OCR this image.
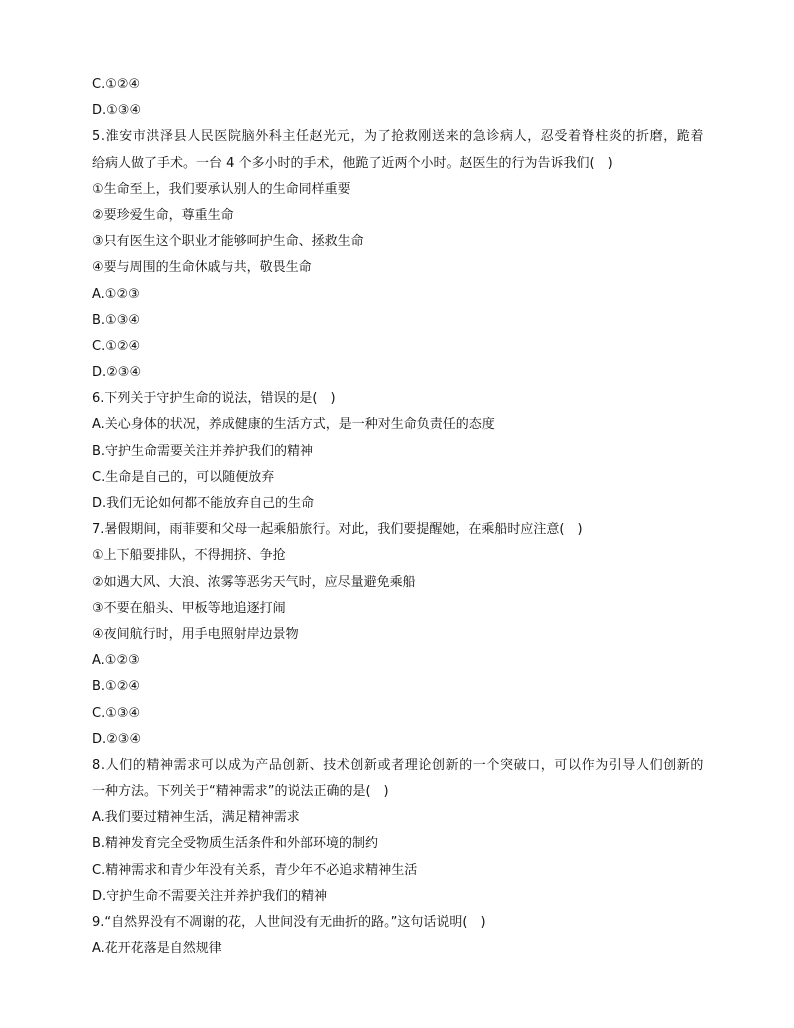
C.①②④
D.①③④
5.淮安市洪泽县人民医院脑外科主任赵光元，为了抢救刚送来的急诊病人，忍受着脊柱炎的折磨，跪着
给病人做了手术。一台 4 个多小时的手术，他跪了近两个小时。赵医生的行为告诉我们(　)
①生命至上，我们要承认别人的生命同样重要
②要珍爱生命，尊重生命
③只有医生这个职业才能够呵护生命、拯救生命
④要与周围的生命休戚与共，敬畏生命
A.①②③
B.①③④
C.①②④
D.②③④
6.下列关于守护生命的说法，错误的是(　)
A.关心身体的状况，养成健康的生活方式，是一种对生命负责任的态度
B.守护生命需要关注并养护我们的精神
C.生命是自己的，可以随便放弃
D.我们无论如何都不能放弃自己的生命
7.暑假期间，雨菲要和父母一起乘船旅行。对此，我们要提醒她，在乘船时应注意(　)
①上下船要排队，不得拥挤、争抢
②如遇大风、大浪、浓雾等恶劣天气时，应尽量避免乘船
③不要在船头、甲板等地追逐打闹
④夜间航行时，用手电照射岸边景物
A.①②③
B.①②④
C.①③④
D.②③④
8.人们的精神需求可以成为产品创新、技术创新或者理论创新的一个突破口，可以作为引导人们创新的
一种方法。下列关于“精神需求”的说法正确的是(　)
A.我们要过精神生活，满足精神需求
B.精神发育完全受物质生活条件和外部环境的制约
C.精神需求和青少年没有关系，青少年不必追求精神生活
D.守护生命不需要关注并养护我们的精神
9.“自然界没有不凋谢的花，人世间没有无曲折的路。”这句话说明(　)
A.花开花落是自然规律
